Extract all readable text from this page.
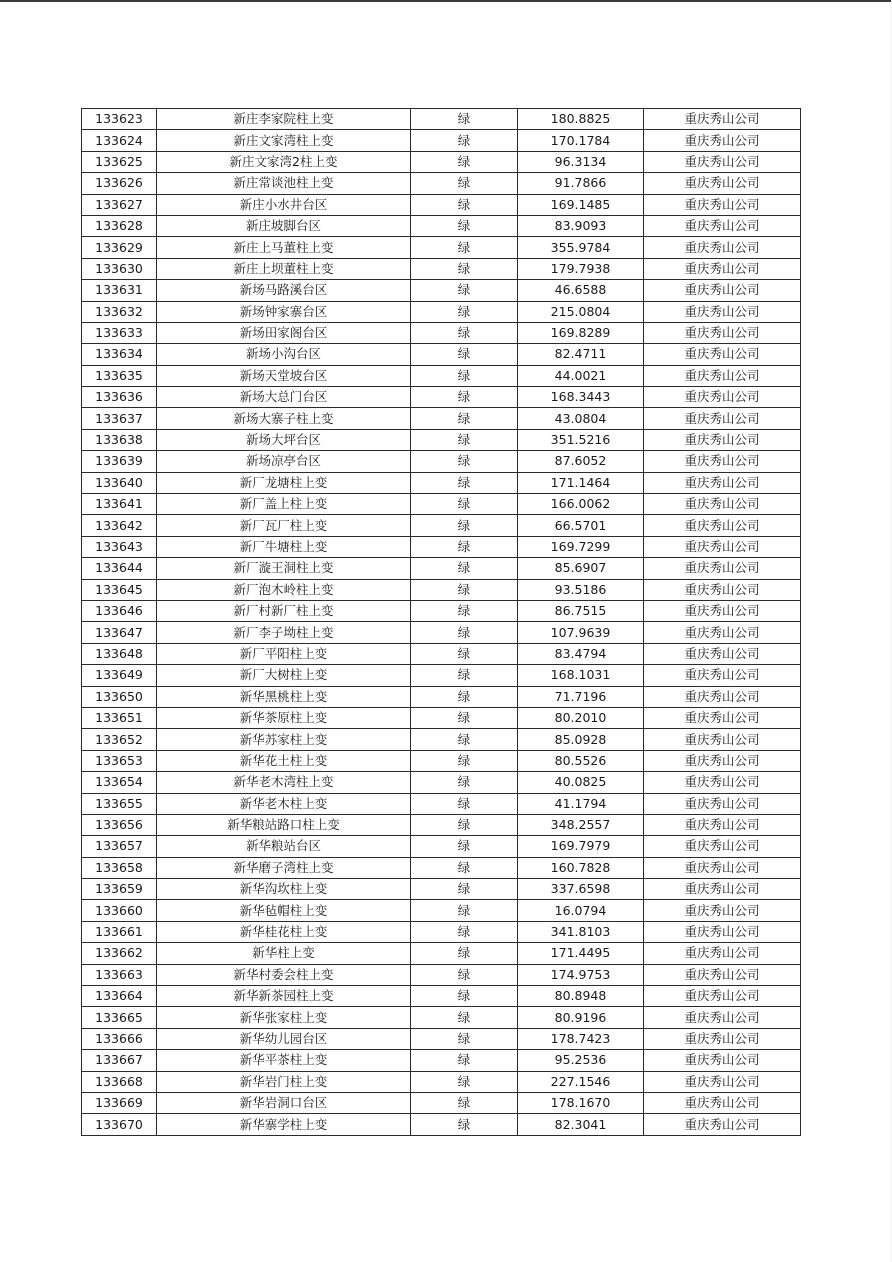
133623	新庄李家院柱上变	绿	180.8825	重庆秀山公司
133624	新庄文家湾柱上变	绿	170.1784	重庆秀山公司
133625	新庄文家湾2柱上变	绿	96.3134	重庆秀山公司
133626	新庄常谈池柱上变	绿	91.7866	重庆秀山公司
133627	新庄小水井台区	绿	169.1485	重庆秀山公司
133628	新庄坡脚台区	绿	83.9093	重庆秀山公司
133629	新庄上马董柱上变	绿	355.9784	重庆秀山公司
133630	新庄上坝董柱上变	绿	179.7938	重庆秀山公司
133631	新场马路溪台区	绿	46.6588	重庆秀山公司
133632	新场钟家寨台区	绿	215.0804	重庆秀山公司
133633	新场田家阁台区	绿	169.8289	重庆秀山公司
133634	新场小沟台区	绿	82.4711	重庆秀山公司
133635	新场天堂坡台区	绿	44.0021	重庆秀山公司
133636	新场大总门台区	绿	168.3443	重庆秀山公司
133637	新场大寨子柱上变	绿	43.0804	重庆秀山公司
133638	新场大坪台区	绿	351.5216	重庆秀山公司
133639	新场凉亭台区	绿	87.6052	重庆秀山公司
133640	新厂龙塘柱上变	绿	171.1464	重庆秀山公司
133641	新厂盖上柱上变	绿	166.0062	重庆秀山公司
133642	新厂瓦厂柱上变	绿	66.5701	重庆秀山公司
133643	新厂牛塘柱上变	绿	169.7299	重庆秀山公司
133644	新厂漩王洞柱上变	绿	85.6907	重庆秀山公司
133645	新厂泡木岭柱上变	绿	93.5186	重庆秀山公司
133646	新厂村新厂柱上变	绿	86.7515	重庆秀山公司
133647	新厂李子坳柱上变	绿	107.9639	重庆秀山公司
133648	新厂平阳柱上变	绿	83.4794	重庆秀山公司
133649	新厂大树柱上变	绿	168.1031	重庆秀山公司
133650	新华黑桃柱上变	绿	71.7196	重庆秀山公司
133651	新华茶原柱上变	绿	80.2010	重庆秀山公司
133652	新华苏家柱上变	绿	85.0928	重庆秀山公司
133653	新华花土柱上变	绿	80.5526	重庆秀山公司
133654	新华老木湾柱上变	绿	40.0825	重庆秀山公司
133655	新华老木柱上变	绿	41.1794	重庆秀山公司
133656	新华粮站路口柱上变	绿	348.2557	重庆秀山公司
133657	新华粮站台区	绿	169.7979	重庆秀山公司
133658	新华磨子湾柱上变	绿	160.7828	重庆秀山公司
133659	新华沟坎柱上变	绿	337.6598	重庆秀山公司
133660	新华毡帽柱上变	绿	16.0794	重庆秀山公司
133661	新华桂花柱上变	绿	341.8103	重庆秀山公司
133662	新华柱上变	绿	171.4495	重庆秀山公司
133663	新华村委会柱上变	绿	174.9753	重庆秀山公司
133664	新华新茶园柱上变	绿	80.8948	重庆秀山公司
133665	新华张家柱上变	绿	80.9196	重庆秀山公司
133666	新华幼儿园台区	绿	178.7423	重庆秀山公司
133667	新华平茶柱上变	绿	95.2536	重庆秀山公司
133668	新华岩门柱上变	绿	227.1546	重庆秀山公司
133669	新华岩洞口台区	绿	178.1670	重庆秀山公司
133670	新华寨学柱上变	绿	82.3041	重庆秀山公司
